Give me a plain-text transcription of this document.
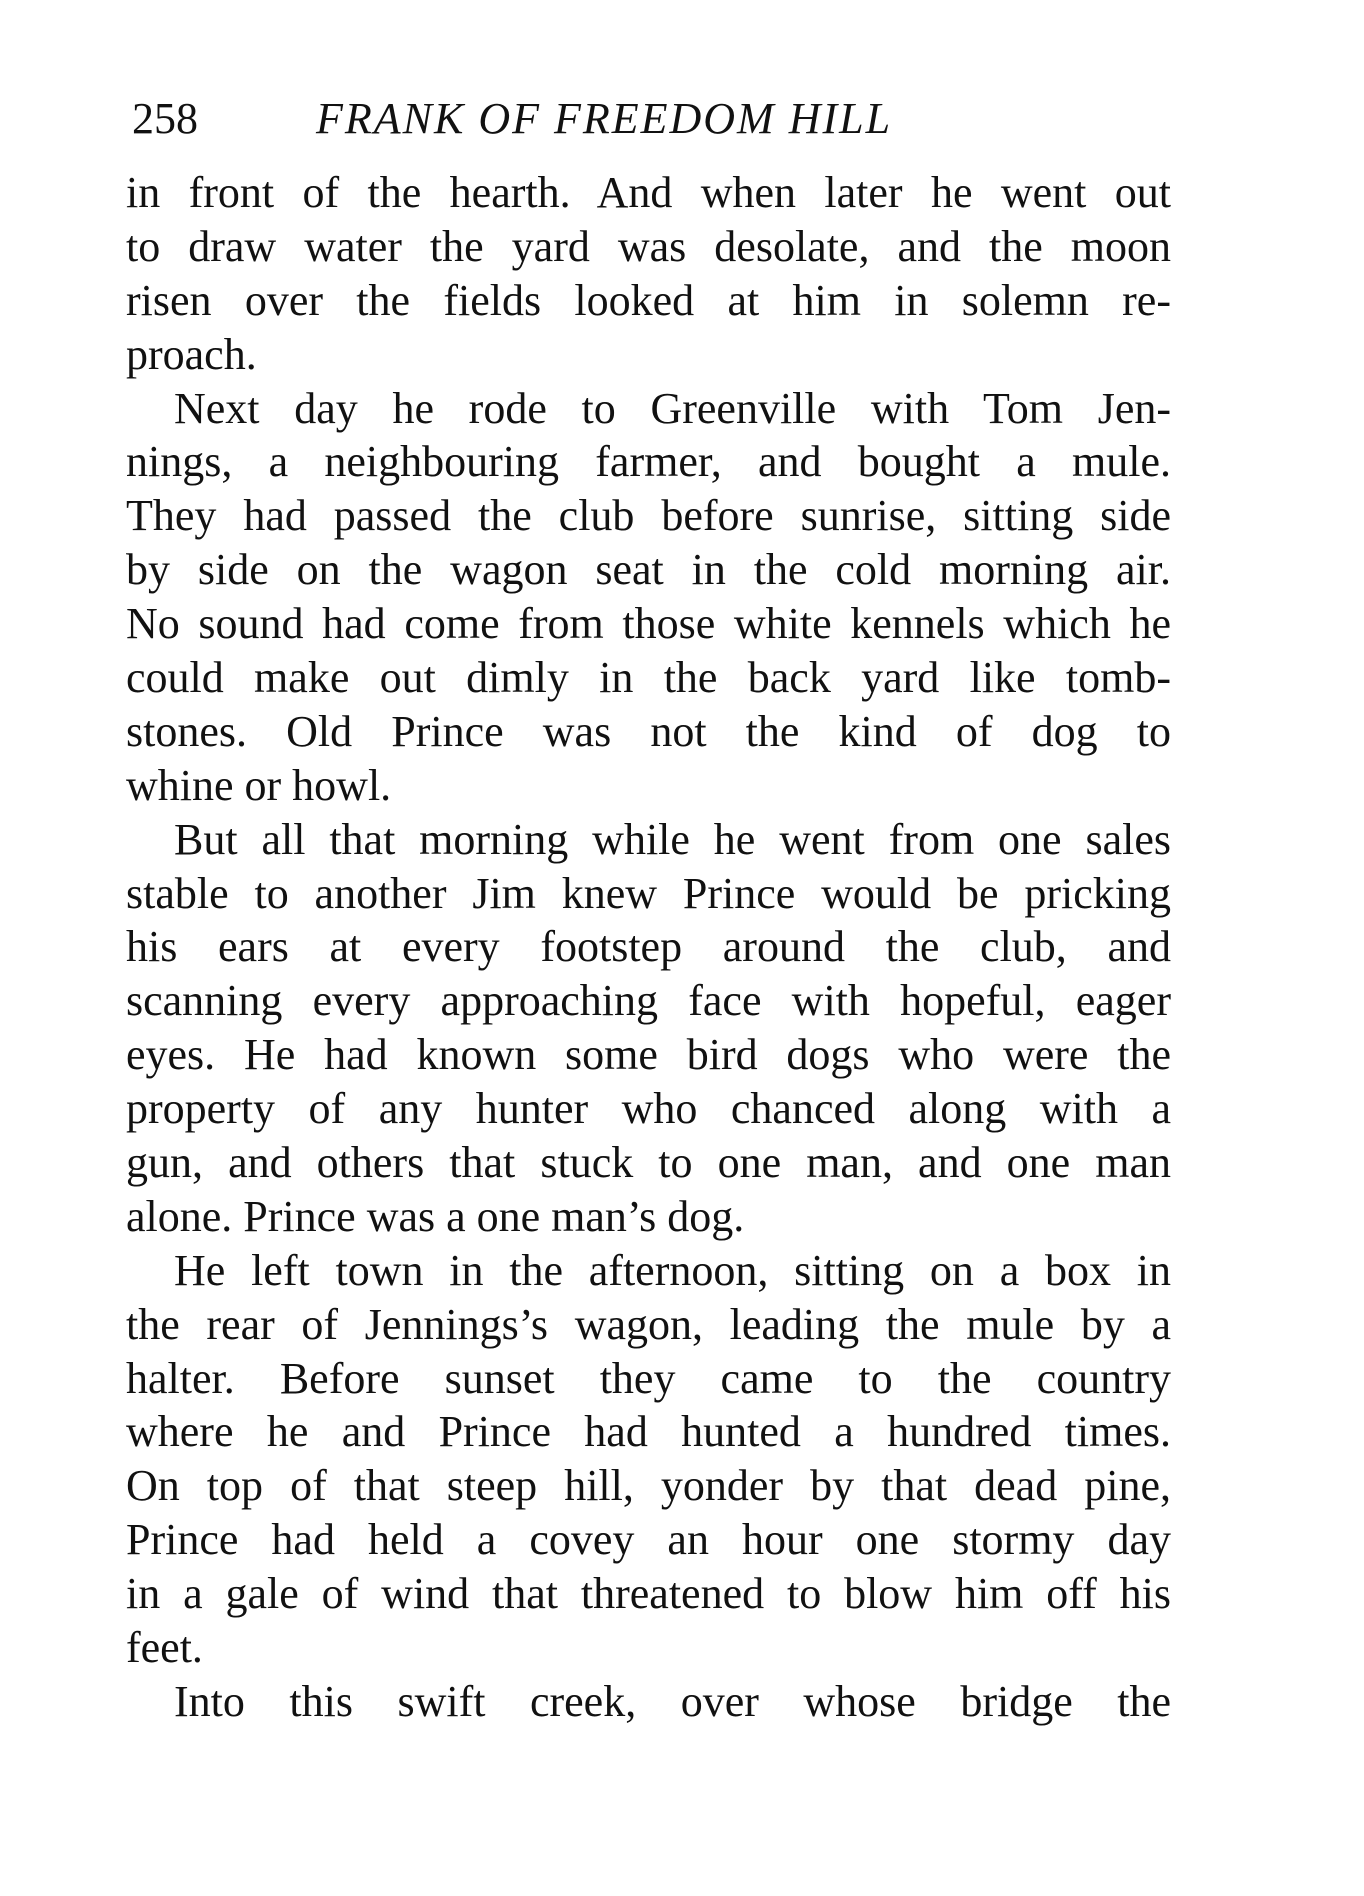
258	FRANK OF FREEDOM HILL
in front of the hearth. And when later he went out
to draw water the yard was desolate, and the moon
risen over the fields looked at him in solemn re-
proach.
Next day he rode to Greenville with Tom Jen-
nings, a neighbouring farmer, and bought a mule.
They had passed the club before sunrise, sitting side
by side on the wagon seat in the cold morning air.
No sound had come from those white kennels which he
could make out dimly in the back yard like tomb-
stones. Old Prince was not the kind of dog to
whine or howl.
But all that morning while he went from one sales
stable to another Jim knew Prince would be pricking
his ears at every footstep around the club, and
scanning every approaching face with hopeful, eager
eyes. He had known some bird dogs who were the
property of any hunter who chanced along with a
gun, and others that stuck to one man, and one man
alone. Prince was a one man’s dog.
He left town in the afternoon, sitting on a box in
the rear of Jennings’s wagon, leading the mule by a
halter. Before sunset they came to the country
where he and Prince had hunted a hundred times.
On top of that steep hill, yonder by that dead pine,
Prince had held a covey an hour one stormy day
in a gale of wind that threatened to blow him off his
feet.
Into this swift creek, over whose bridge the
